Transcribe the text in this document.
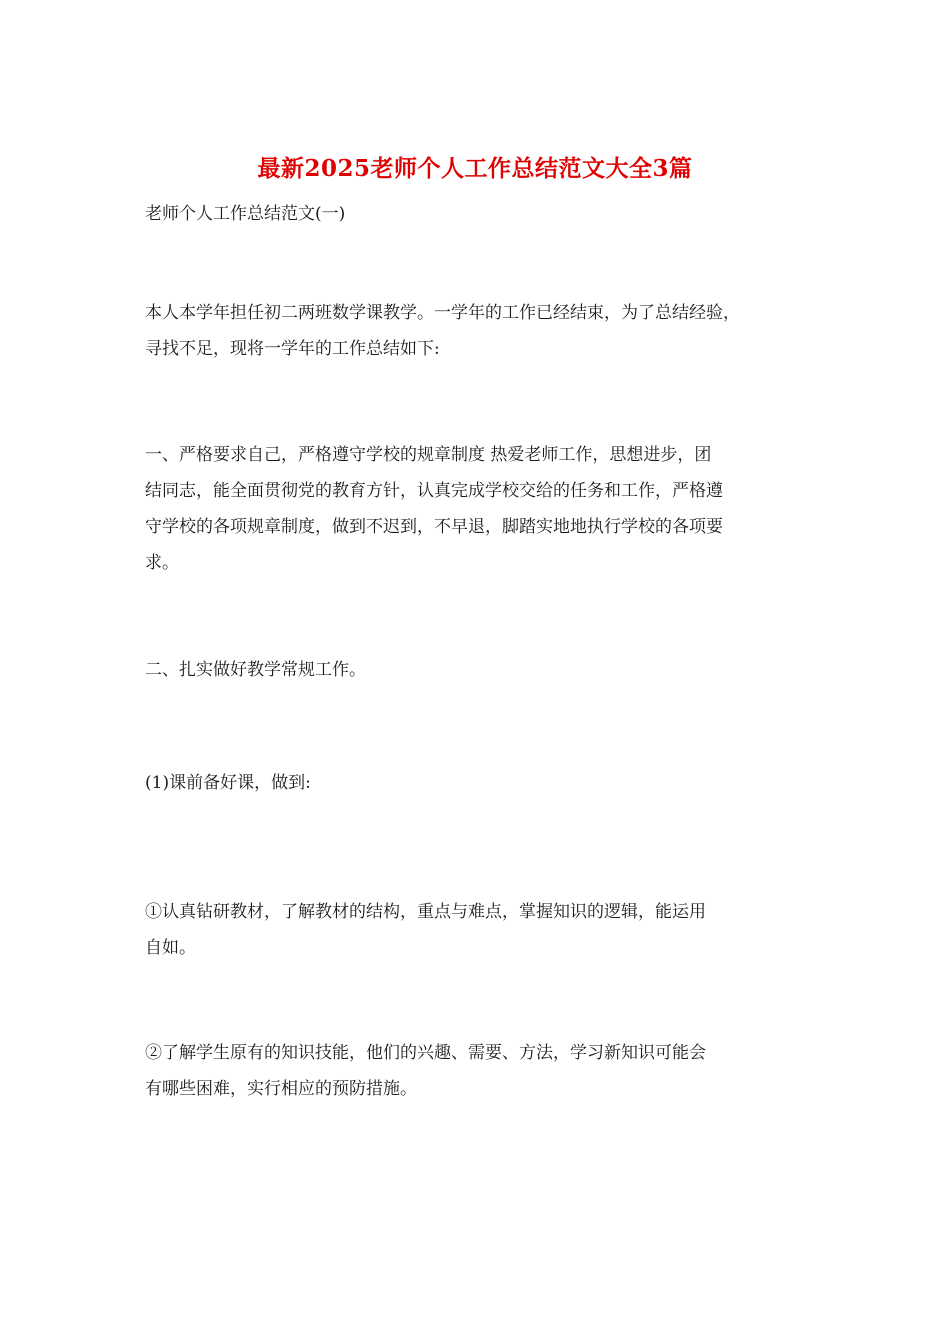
最新2025老师个人工作总结范文大全3篇

老师个人工作总结范文(一)

本人本学年担任初二两班数学课教学。一学年的工作已经结束，为了总结经验，
寻找不足，现将一学年的工作总结如下:

一、严格要求自己，严格遵守学校的规章制度 热爱老师工作，思想进步，团
结同志，能全面贯彻党的教育方针，认真完成学校交给的任务和工作，严格遵
守学校的各项规章制度，做到不迟到，不早退，脚踏实地地执行学校的各项要
求。

二、扎实做好教学常规工作。

(1)课前备好课，做到:

①认真钻研教材，了解教材的结构，重点与难点，掌握知识的逻辑，能运用
自如。

②了解学生原有的知识技能，他们的兴趣、需要、方法，学习新知识可能会
有哪些困难，实行相应的预防措施。
